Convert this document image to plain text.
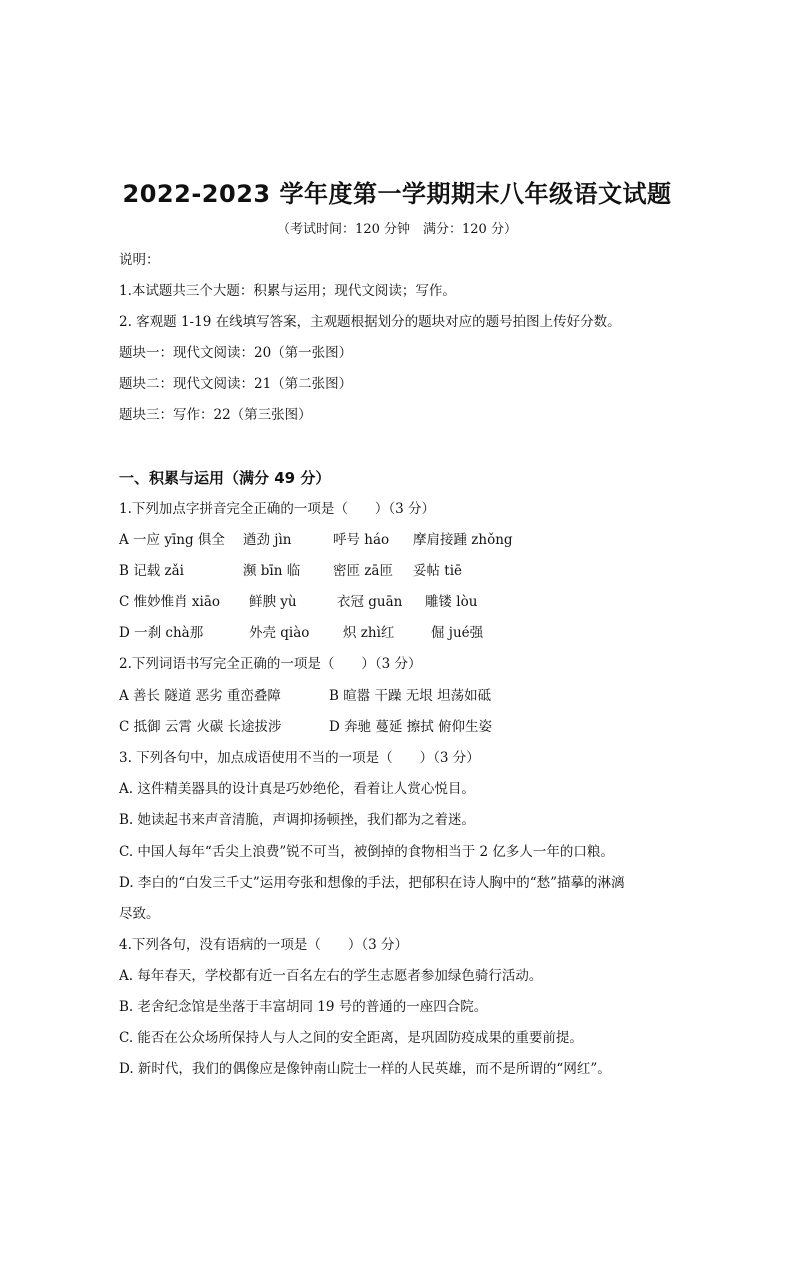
2022-2023 学年度第一学期期末八年级语文试题
（考试时间：120 分钟　满分：120 分）
说明：
1.本试题共三个大题：积累与运用；现代文阅读；写作。
2. 客观题 1-19 在线填写答案，主观题根据划分的题块对应的题号拍图上传好分数。
题块一：现代文阅读：20（第一张图）
题块二：现代文阅读：21（第二张图）
题块三：写作：22（第三张图）
一、积累与运用（满分 49 分）
1.下列加点字拼音完全正确的一项是（　　）（3 分）
A 一应 yīng 俱全 遒劲 jìn	呼号 háo 摩肩接踵 zhǒng
B 记载 zǎi	濒 bīn 临 密匝 zā匝 妥帖 tiē
C 惟妙惟肖 xiāo 鲜腴 yù	衣冠 guān 雕镂 lòu
D 一刹 chà那	外壳 qiào 炽 zhì红	倔 jué强
2.下列词语书写完全正确的一项是（　　）（3 分）
A 善长 隧道 恶劣 重峦叠障	B 暄嚣 干躁 无垠 坦荡如砥
C 抵御 云霄 火碳 长途拔涉	D 奔驰 蔓延 擦拭 俯仰生姿
3. 下列各句中，加点成语使用不当的一项是（　　）（3 分）
A. 这件精美器具的设计真是巧妙绝伦，看着让人赏心悦目。
B. 她读起书来声音清脆，声调抑扬顿挫，我们都为之着迷。
C. 中国人每年“舌尖上浪费”锐不可当，被倒掉的食物相当于 2 亿多人一年的口粮。
D. 李白的“白发三千丈”运用夸张和想像的手法，把郁积在诗人胸中的“愁”描摹的淋漓
尽致。
4.下列各句，没有语病的一项是（　　）（3 分）
A. 每年春天，学校都有近一百名左右的学生志愿者参加绿色骑行活动。
B. 老舍纪念馆是坐落于丰富胡同 19 号的普通的一座四合院。
C. 能否在公众场所保持人与人之间的安全距离，是巩固防疫成果的重要前提。
D. 新时代，我们的偶像应是像钟南山院士一样的人民英雄，而不是所谓的“网红”。
